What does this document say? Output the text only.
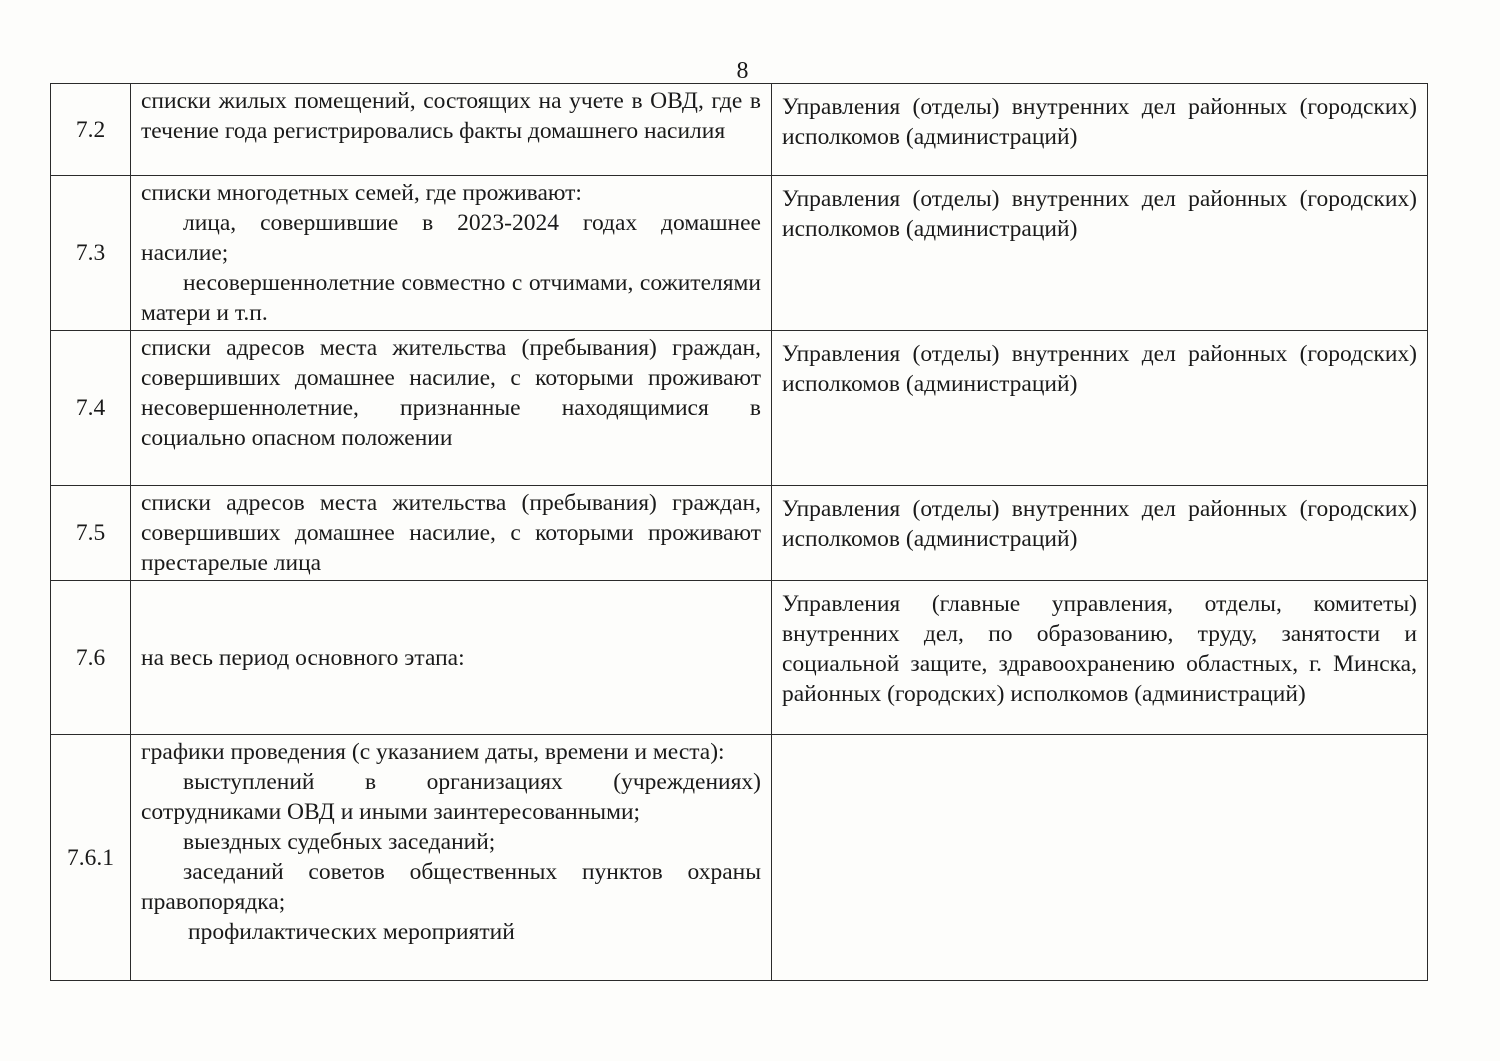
8
7.2	списки жилых помещений, состоящих на учете в ОВД, где в течение года регистрировались факты домашнего насилия	Управления (отделы) внутренних дел районных (городских) исполкомов (администраций)
7.3	списки многодетных семей, где проживают:
лица, совершившие в 2023-2024 годах домашнее насилие;
несовершеннолетние совместно с отчимами, сожителями матери и т.п.	Управления (отделы) внутренних дел районных (городских) исполкомов (администраций)
7.4	списки адресов места жительства (пребывания) граждан, совершивших домашнее насилие, с которыми проживают несовершеннолетние, признанные находящимися в социально опасном положении	Управления (отделы) внутренних дел районных (городских) исполкомов (администраций)
7.5	списки адресов места жительства (пребывания) граждан, совершивших домашнее насилие, с которыми проживают престарелые лица	Управления (отделы) внутренних дел районных (городских) исполкомов (администраций)
7.6	на весь период основного этапа:	Управления (главные управления, отделы, комитеты) внутренних дел, по образованию, труду, занятости и социальной защите, здравоохранению областных, г. Минска, районных (городских) исполкомов (администраций)
7.6.1	графики проведения (с указанием даты, времени и места):
выступлений в организациях (учреждениях) сотрудниками ОВД и иными заинтересованными;
выездных судебных заседаний;
заседаний советов общественных пунктов охраны правопорядка;
профилактических мероприятий	
